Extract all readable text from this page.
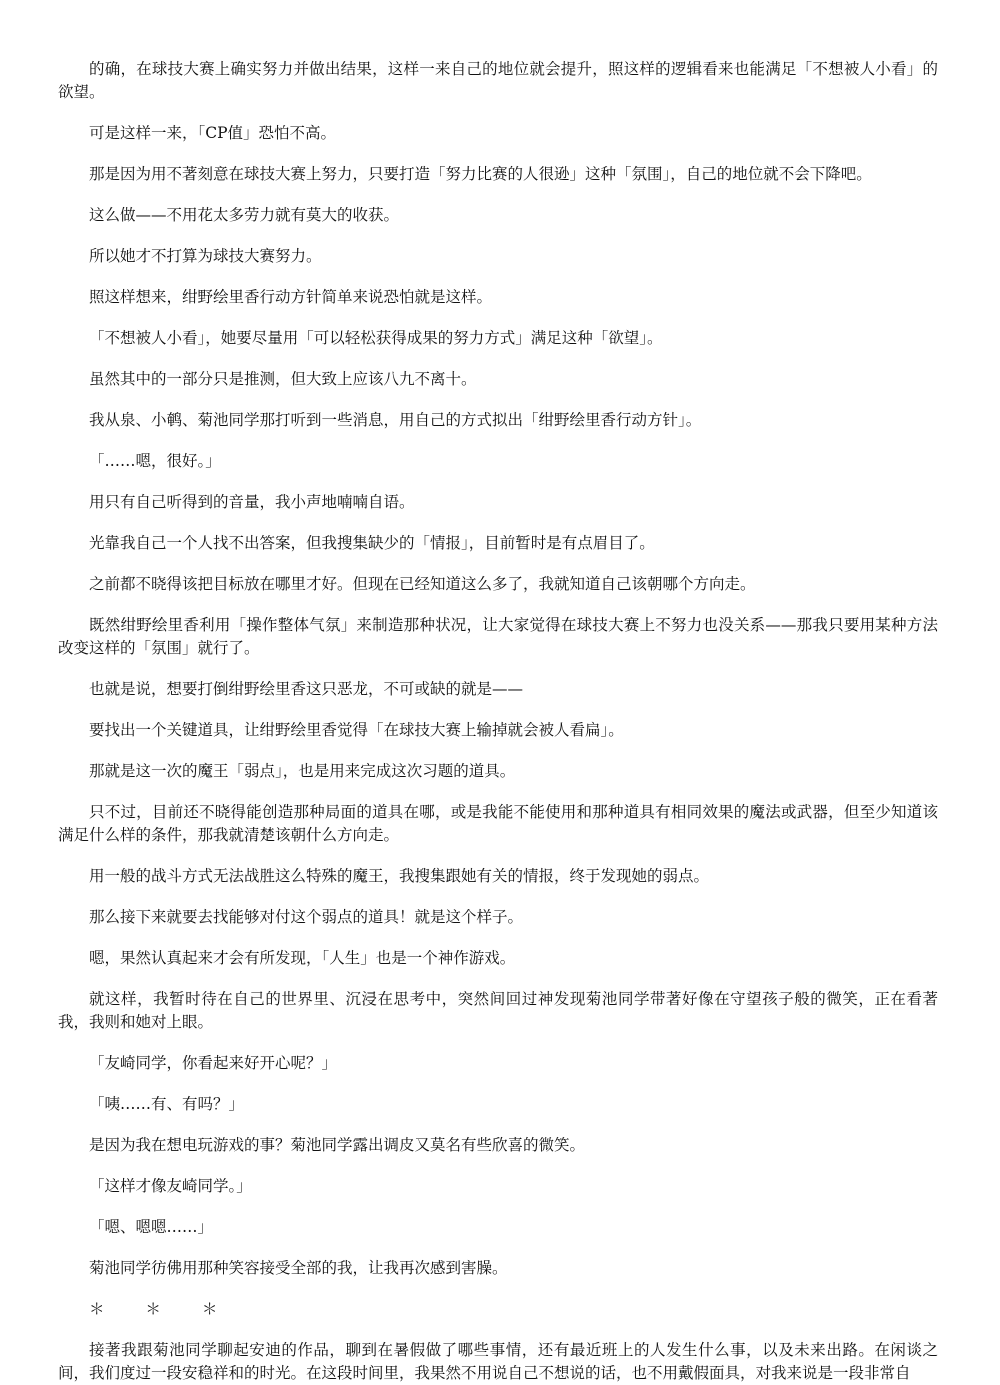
的确，在球技大赛上确实努力并做出结果，这样一来自己的地位就会提升，照这样的逻辑看来也能满足「不想被人小看」的欲望。

可是这样一来，「CP值」恐怕不高。

那是因为用不著刻意在球技大赛上努力，只要打造「努力比赛的人很逊」这种「氛围」，自己的地位就不会下降吧。

这么做——不用花太多劳力就有莫大的收获。

所以她才不打算为球技大赛努力。

照这样想来，绀野绘里香行动方针简单来说恐怕就是这样。

「不想被人小看」，她要尽量用「可以轻松获得成果的努力方式」满足这种「欲望」。

虽然其中的一部分只是推测，但大致上应该八九不离十。

我从泉、小鹌、菊池同学那打听到一些消息，用自己的方式拟出「绀野绘里香行动方针」。

「……嗯，很好。」

用只有自己听得到的音量，我小声地喃喃自语。

光靠我自己一个人找不出答案，但我搜集缺少的「情报」，目前暂时是有点眉目了。

之前都不晓得该把目标放在哪里才好。但现在已经知道这么多了，我就知道自己该朝哪个方向走。

既然绀野绘里香利用「操作整体气氛」来制造那种状况，让大家觉得在球技大赛上不努力也没关系——那我只要用某种方法改变这样的「氛围」就行了。

也就是说，想要打倒绀野绘里香这只恶龙，不可或缺的就是——

要找出一个关键道具，让绀野绘里香觉得「在球技大赛上输掉就会被人看扁」。

那就是这一次的魔王「弱点」，也是用来完成这次习题的道具。

只不过，目前还不晓得能创造那种局面的道具在哪，或是我能不能使用和那种道具有相同效果的魔法或武器，但至少知道该满足什么样的条件，那我就清楚该朝什么方向走。

用一般的战斗方式无法战胜这么特殊的魔王，我搜集跟她有关的情报，终于发现她的弱点。

那么接下来就要去找能够对付这个弱点的道具！就是这个样子。

嗯，果然认真起来才会有所发现，「人生」也是一个神作游戏。

就这样，我暂时待在自己的世界里、沉浸在思考中，突然间回过神发现菊池同学带著好像在守望孩子般的微笑，正在看著我，我则和她对上眼。

「友崎同学，你看起来好开心呢？」

「咦……有、有吗？」

是因为我在想电玩游戏的事？菊池同学露出调皮又莫名有些欣喜的微笑。

「这样才像友崎同学。」

「嗯、嗯嗯……」

菊池同学彷佛用那种笑容接受全部的我，让我再次感到害臊。

＊ ＊ ＊

接著我跟菊池同学聊起安迪的作品，聊到在暑假做了哪些事情，还有最近班上的人发生什么事，以及未来出路。在闲谈之间，我们度过一段安稳祥和的时光。在这段时间里，我果然不用说自己不想说的话，也不用戴假面具，对我来说是一段非常自
